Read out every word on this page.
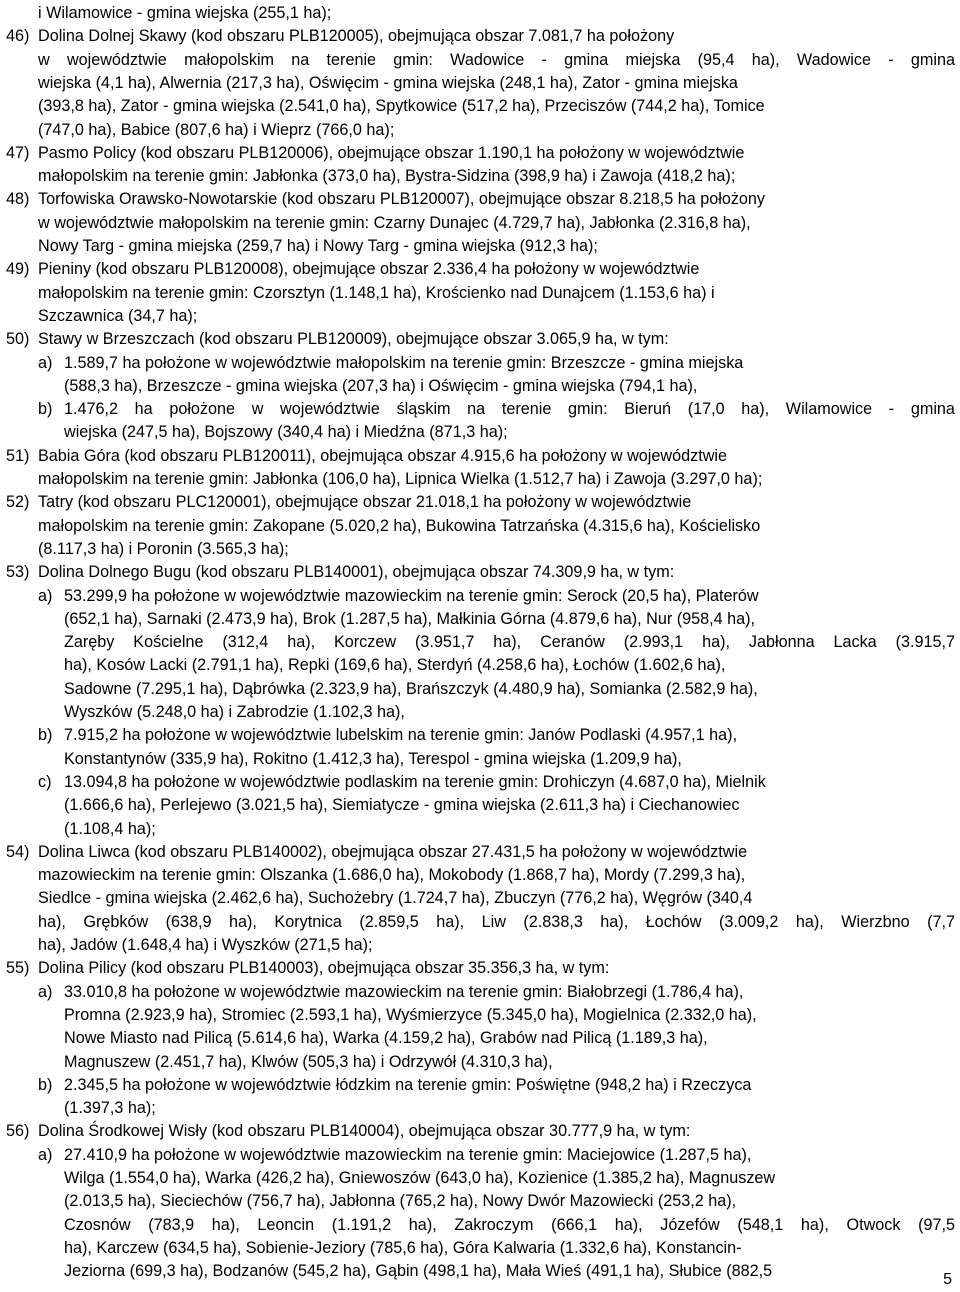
i Wilamowice - gmina wiejska (255,1 ha);
46) Dolina Dolnej Skawy (kod obszaru PLB120005), obejmująca obszar 7.081,7 ha położony
w województwie małopolskim na terenie gmin: Wadowice - gmina miejska (95,4 ha), Wadowice - gmina
wiejska (4,1 ha), Alwernia (217,3 ha), Oświęcim - gmina wiejska (248,1 ha), Zator - gmina miejska
(393,8 ha), Zator - gmina wiejska (2.541,0 ha), Spytkowice (517,2 ha), Przeciszów (744,2 ha), Tomice
(747,0 ha), Babice (807,6 ha) i Wieprz (766,0 ha);
47) Pasmo Policy (kod obszaru PLB120006), obejmujące obszar 1.190,1 ha położony w województwie
małopolskim na terenie gmin: Jabłonka (373,0 ha), Bystra-Sidzina (398,9 ha) i Zawoja (418,2 ha);
48) Torfowiska Orawsko-Nowotarskie (kod obszaru PLB120007), obejmujące obszar 8.218,5 ha położony
w województwie małopolskim na terenie gmin: Czarny Dunajec (4.729,7 ha), Jabłonka (2.316,8 ha),
Nowy Targ - gmina miejska (259,7 ha) i Nowy Targ - gmina wiejska (912,3 ha);
49) Pieniny (kod obszaru PLB120008), obejmujące obszar 2.336,4 ha położony w województwie
małopolskim na terenie gmin: Czorsztyn (1.148,1 ha), Krościenko nad Dunajcem (1.153,6 ha) i
Szczawnica (34,7 ha);
50) Stawy w Brzeszczach (kod obszaru PLB120009), obejmujące obszar 3.065,9 ha, w tym:
a) 1.589,7 ha położone w województwie małopolskim na terenie gmin: Brzeszcze - gmina miejska
(588,3 ha), Brzeszcze - gmina wiejska (207,3 ha) i Oświęcim - gmina wiejska (794,1 ha),
b) 1.476,2 ha położone w województwie śląskim na terenie gmin: Bieruń (17,0 ha), Wilamowice - gmina
wiejska (247,5 ha), Bojszowy (340,4 ha) i Miedźna (871,3 ha);
51) Babia Góra (kod obszaru PLB120011), obejmująca obszar 4.915,6 ha położony w województwie
małopolskim na terenie gmin: Jabłonka (106,0 ha), Lipnica Wielka (1.512,7 ha) i Zawoja (3.297,0 ha);
52) Tatry (kod obszaru PLC120001), obejmujące obszar 21.018,1 ha położony w województwie
małopolskim na terenie gmin: Zakopane (5.020,2 ha), Bukowina Tatrzańska (4.315,6 ha), Kościelisko
(8.117,3 ha) i Poronin (3.565,3 ha);
53) Dolina Dolnego Bugu (kod obszaru PLB140001), obejmująca obszar 74.309,9 ha, w tym:
a) 53.299,9 ha położone w województwie mazowieckim na terenie gmin: Serock (20,5 ha), Platerów
(652,1 ha), Sarnaki (2.473,9 ha), Brok (1.287,5 ha), Małkinia Górna (4.879,6 ha), Nur (958,4 ha),
Zaręby Kościelne (312,4 ha), Korczew (3.951,7 ha), Ceranów (2.993,1 ha), Jabłonna Lacka (3.915,7
ha), Kosów Lacki (2.791,1 ha), Repki (169,6 ha), Sterdyń (4.258,6 ha), Łochów (1.602,6 ha),
Sadowne (7.295,1 ha), Dąbrówka (2.323,9 ha), Brańszczyk (4.480,9 ha), Somianka (2.582,9 ha),
Wyszków (5.248,0 ha) i Zabrodzie (1.102,3 ha),
b) 7.915,2 ha położone w województwie lubelskim na terenie gmin: Janów Podlaski (4.957,1 ha),
Konstantynów (335,9 ha), Rokitno (1.412,3 ha), Terespol - gmina wiejska (1.209,9 ha),
c) 13.094,8 ha położone w województwie podlaskim na terenie gmin: Drohiczyn (4.687,0 ha), Mielnik
(1.666,6 ha), Perlejewo (3.021,5 ha), Siemiatycze - gmina wiejska (2.611,3 ha) i Ciechanowiec
(1.108,4 ha);
54) Dolina Liwca (kod obszaru PLB140002), obejmująca obszar 27.431,5 ha położony w województwie
mazowieckim na terenie gmin: Olszanka (1.686,0 ha), Mokobody (1.868,7 ha), Mordy (7.299,3 ha),
Siedlce - gmina wiejska (2.462,6 ha), Suchożebry (1.724,7 ha), Zbuczyn (776,2 ha), Węgrów (340,4
ha), Grębków (638,9 ha), Korytnica (2.859,5 ha), Liw (2.838,3 ha), Łochów (3.009,2 ha), Wierzbno (7,7
ha), Jadów (1.648,4 ha) i Wyszków (271,5 ha);
55) Dolina Pilicy (kod obszaru PLB140003), obejmująca obszar 35.356,3 ha, w tym:
a) 33.010,8 ha położone w województwie mazowieckim na terenie gmin: Białobrzegi (1.786,4 ha),
Promna (2.923,9 ha), Stromiec (2.593,1 ha), Wyśmierzyce (5.345,0 ha), Mogielnica (2.332,0 ha),
Nowe Miasto nad Pilicą (5.614,6 ha), Warka (4.159,2 ha), Grabów nad Pilicą (1.189,3 ha),
Magnuszew (2.451,7 ha), Klwów (505,3 ha) i Odrzywół (4.310,3 ha),
b) 2.345,5 ha położone w województwie łódzkim na terenie gmin: Poświętne (948,2 ha) i Rzeczyca
(1.397,3 ha);
56) Dolina Środkowej Wisły (kod obszaru PLB140004), obejmująca obszar 30.777,9 ha, w tym:
a) 27.410,9 ha położone w województwie mazowieckim na terenie gmin: Maciejowice (1.287,5 ha),
Wilga (1.554,0 ha), Warka (426,2 ha), Gniewoszów (643,0 ha), Kozienice (1.385,2 ha), Magnuszew
(2.013,5 ha), Sieciechów (756,7 ha), Jabłonna (765,2 ha), Nowy Dwór Mazowiecki (253,2 ha),
Czosnów (783,9 ha), Leoncin (1.191,2 ha), Zakroczym (666,1 ha), Józefów (548,1 ha), Otwock (97,5
ha), Karczew (634,5 ha), Sobienie-Jeziory (785,6 ha), Góra Kalwaria (1.332,6 ha), Konstancin-
Jeziorna (699,3 ha), Bodzanów (545,2 ha), Gąbin (498,1 ha), Mała Wieś (491,1 ha), Słubice (882,5	5
